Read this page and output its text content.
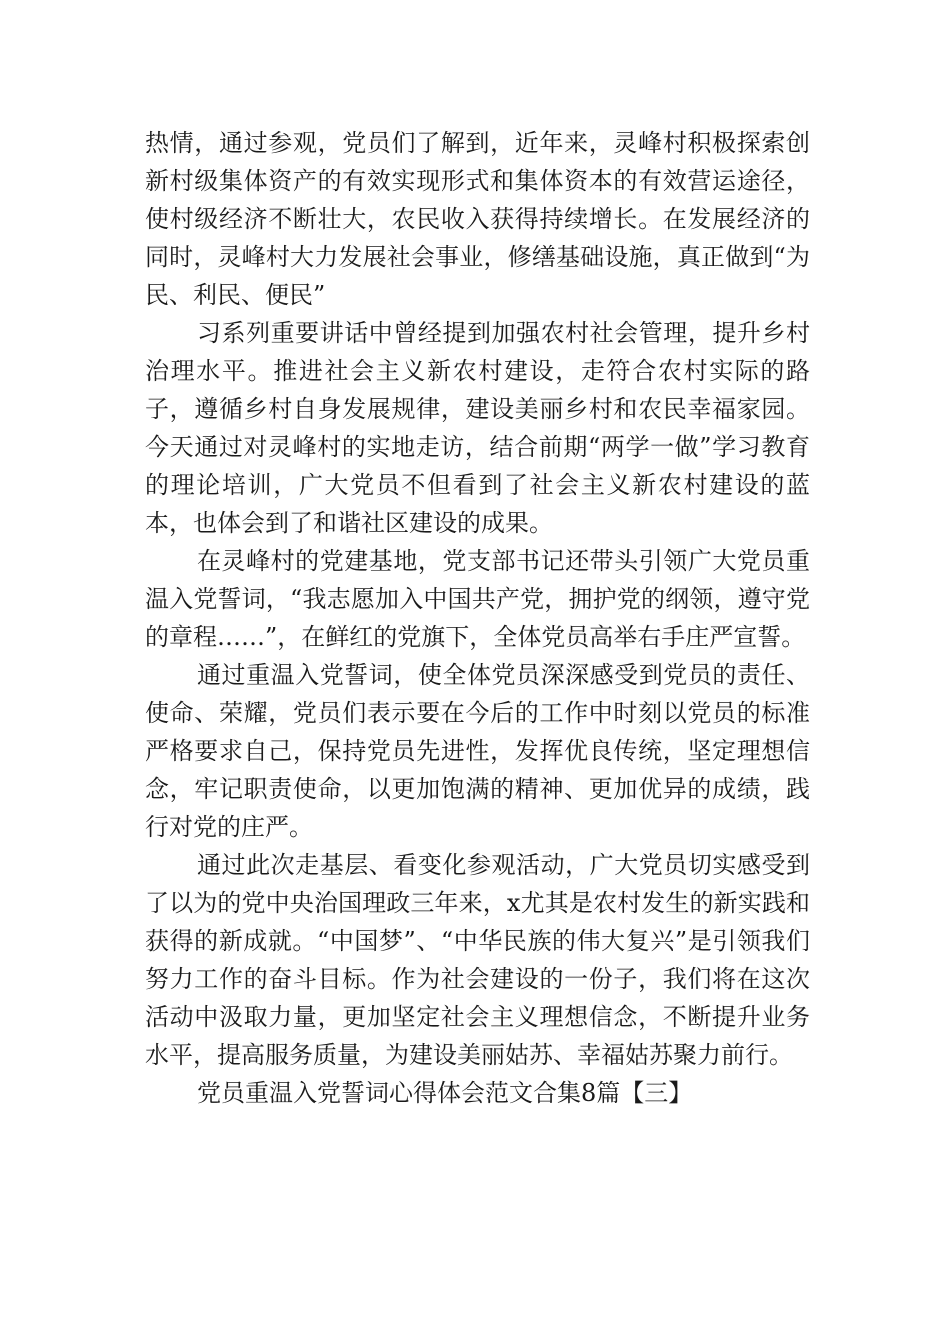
热情，通过参观，党员们了解到，近年来，灵峰村积极探索创新村级集体资产的有效实现形式和集体资本的有效营运途径，使村级经济不断壮大，农民收入获得持续增长。在发展经济的同时，灵峰村大力发展社会事业，修缮基础设施，真正做到“为民、利民、便民”

习系列重要讲话中曾经提到加强农村社会管理，提升乡村治理水平。推进社会主义新农村建设，走符合农村实际的路子，遵循乡村自身发展规律，建设美丽乡村和农民幸福家园。今天通过对灵峰村的实地走访，结合前期“两学一做”学习教育的理论培训，广大党员不但看到了社会主义新农村建设的蓝本，也体会到了和谐社区建设的成果。

在灵峰村的党建基地，党支部书记还带头引领广大党员重温入党誓词，“我志愿加入中国共产党，拥护党的纲领，遵守党的章程……”，在鲜红的党旗下，全体党员高举右手庄严宣誓。

通过重温入党誓词，使全体党员深深感受到党员的责任、使命、荣耀，党员们表示要在今后的工作中时刻以党员的标准严格要求自己，保持党员先进性，发挥优良传统，坚定理想信念，牢记职责使命，以更加饱满的精神、更加优异的成绩，践行对党的庄严。

通过此次走基层、看变化参观活动，广大党员切实感受到了以为的党中央治国理政三年来，x尤其是农村发生的新实践和获得的新成就。“中国梦”、“中华民族的伟大复兴”是引领我们努力工作的奋斗目标。作为社会建设的一份子，我们将在这次活动中汲取力量，更加坚定社会主义理想信念，不断提升业务水平，提高服务质量，为建设美丽姑苏、幸福姑苏聚力前行。

党员重温入党誓词心得体会范文合集8篇【三】
